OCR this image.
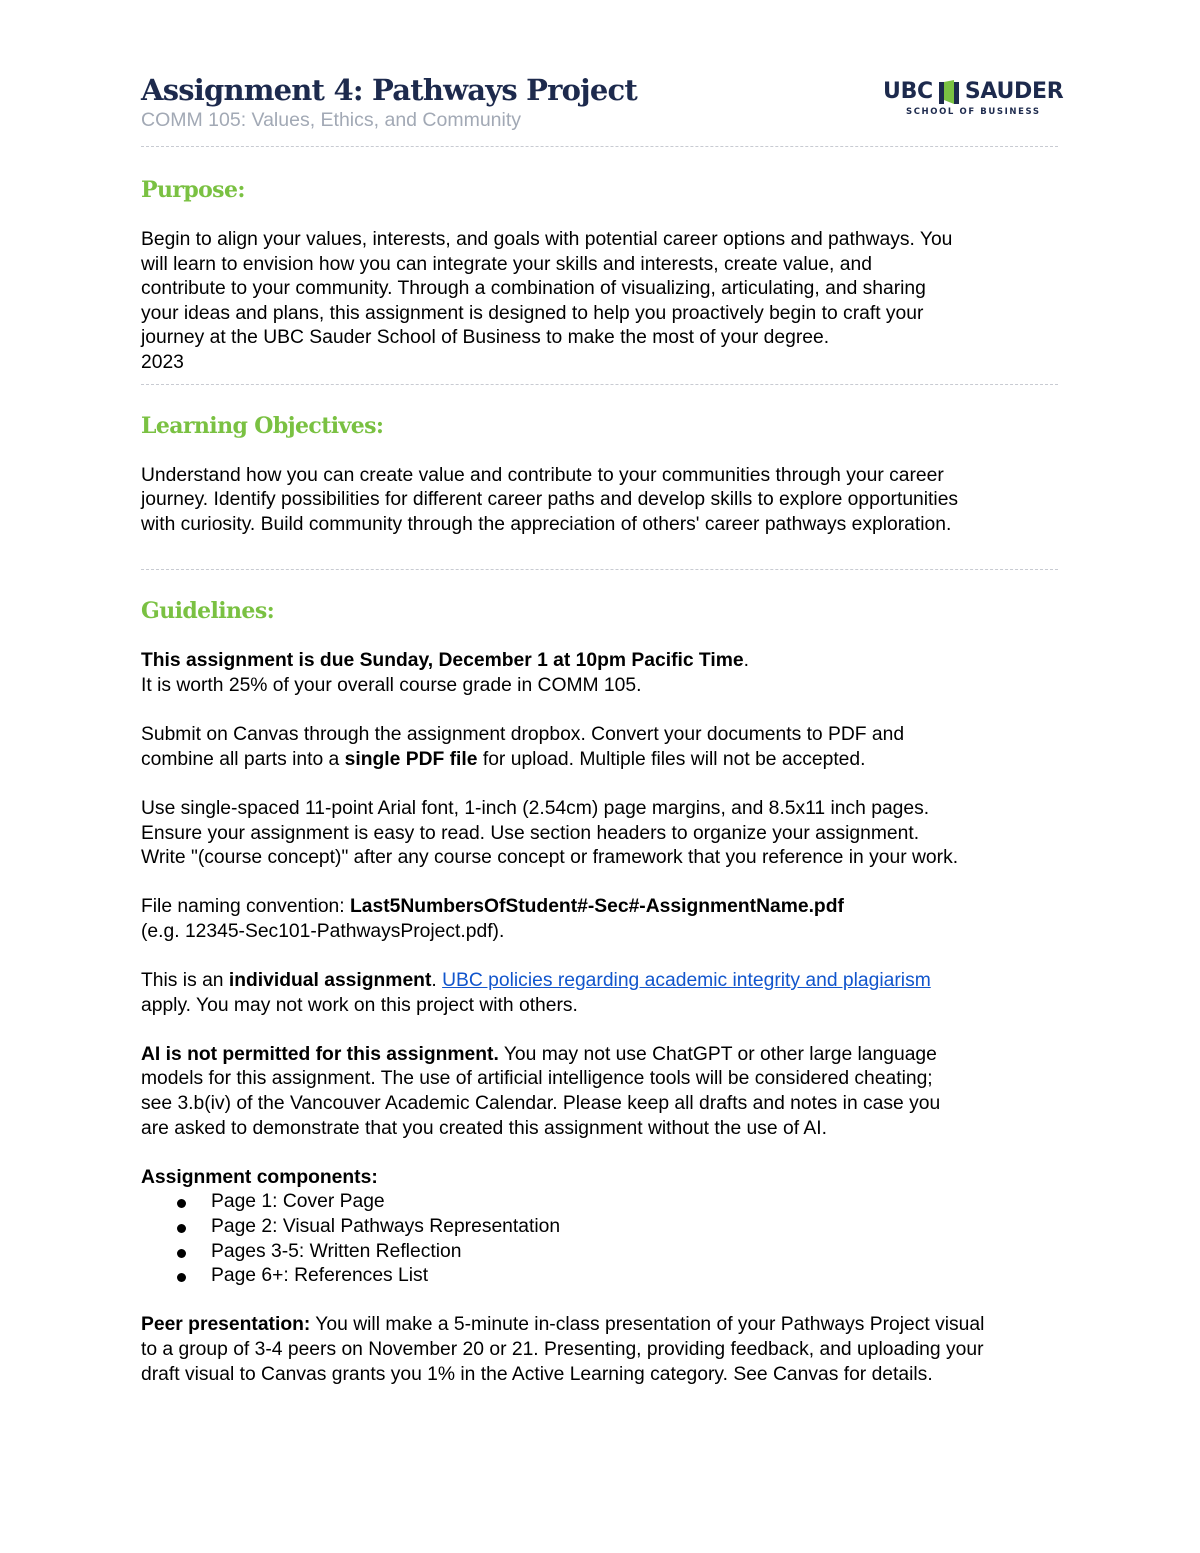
UBC SAUDER
SCHOOL OF BUSINESS
Assignment 4: Pathways Project
COMM 105: Values, Ethics, and Community
Purpose:

Begin to align your values, interests, and goals with potential career options and pathways. You

will learn to envision how you can integrate your skills and interests, create value, and

contribute to your community. Through a combination of visualizing, articulating, and sharing

your ideas and plans, this assignment is designed to help you proactively begin to craft your

journey at the UBC Sauder School of Business to make the most of your degree.

2023

Learning Objectives:

Understand how you can create value and contribute to your communities through your career

journey. Identify possibilities for different career paths and develop skills to explore opportunities

with curiosity. Build community through the appreciation of others' career pathways exploration.

Guidelines:

This assignment is due Sunday, December 1 at 10pm Pacific Time.

It is worth 25% of your overall course grade in COMM 105.

Submit on Canvas through the assignment dropbox. Convert your documents to PDF and

combine all parts into a single PDF file for upload. Multiple files will not be accepted.

Use single-spaced 11-point Arial font, 1-inch (2.54cm) page margins, and 8.5x11 inch pages.

Ensure your assignment is easy to read. Use section headers to organize your assignment.

Write "(course concept)" after any course concept or framework that you reference in your work.

File naming convention: Last5NumbersOfStudent#-Sec#-AssignmentName.pdf

(e.g. 12345-Sec101-PathwaysProject.pdf).

This is an individual assignment. UBC policies regarding academic integrity and plagiarism

apply. You may not work on this project with others.

AI is not permitted for this assignment. You may not use ChatGPT or other large language

models for this assignment. The use of artificial intelligence tools will be considered cheating;

see 3.b(iv) of the Vancouver Academic Calendar. Please keep all drafts and notes in case you

are asked to demonstrate that you created this assignment without the use of AI.

Assignment components:

Page 1: Cover Page
Page 2: Visual Pathways Representation
Pages 3-5: Written Reflection
Page 6+: References List

Peer presentation: You will make a 5-minute in-class presentation of your Pathways Project visual

to a group of 3-4 peers on November 20 or 21. Presenting, providing feedback, and uploading your

draft visual to Canvas grants you 1% in the Active Learning category. See Canvas for details.
